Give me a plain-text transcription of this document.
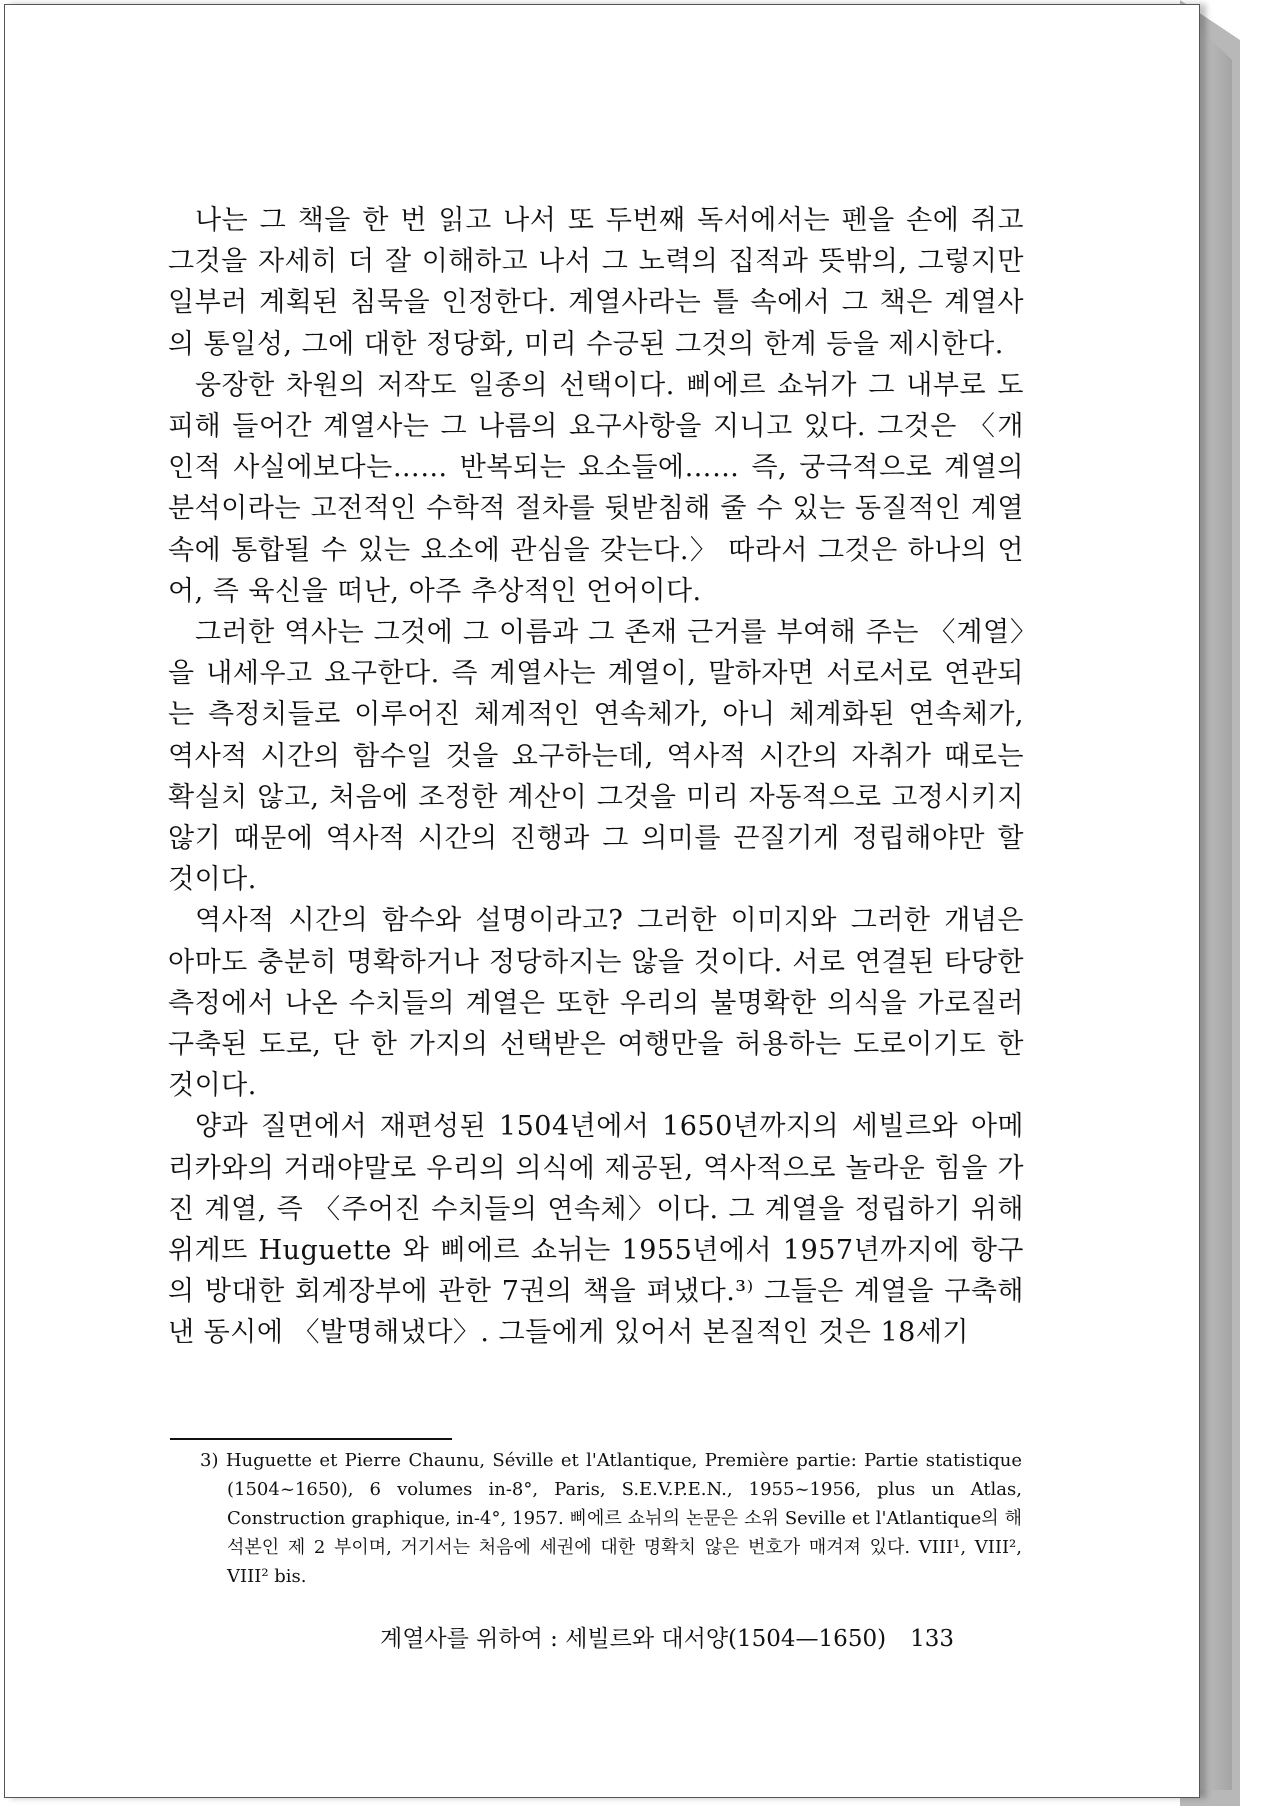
나는 그 책을 한 번 읽고 나서 또 두번째 독서에서는 펜을 손에 쥐고 그것을 자세히 더 잘 이해하고 나서 그 노력의 집적과 뜻밖의, 그렇지만 일부러 계획된 침묵을 인정한다. 계열사라는 틀 속에서 그 책은 계열사의 통일성, 그에 대한 정당화, 미리 수긍된 그것의 한계 등을 제시한다.

웅장한 차원의 저작도 일종의 선택이다. 삐에르 쇼뉘가 그 내부로 도피해 들어간 계열사는 그 나름의 요구사항을 지니고 있다. 그것은 〈개인적 사실에보다는…… 반복되는 요소들에…… 즉, 궁극적으로 계열의 분석이라는 고전적인 수학적 절차를 뒷받침해 줄 수 있는 동질적인 계열 속에 통합될 수 있는 요소에 관심을 갖는다.〉 따라서 그것은 하나의 언어, 즉 육신을 떠난, 아주 추상적인 언어이다.

그러한 역사는 그것에 그 이름과 그 존재 근거를 부여해 주는 〈계열〉을 내세우고 요구한다. 즉 계열사는 계열이, 말하자면 서로서로 연관되는 측정치들로 이루어진 체계적인 연속체가, 아니 체계화된 연속체가, 역사적 시간의 함수일 것을 요구하는데, 역사적 시간의 자취가 때로는 확실치 않고, 처음에 조정한 계산이 그것을 미리 자동적으로 고정시키지 않기 때문에 역사적 시간의 진행과 그 의미를 끈질기게 정립해야만 할 것이다.

역사적 시간의 함수와 설명이라고? 그러한 이미지와 그러한 개념은 아마도 충분히 명확하거나 정당하지는 않을 것이다. 서로 연결된 타당한 측정에서 나온 수치들의 계열은 또한 우리의 불명확한 의식을 가로질러 구축된 도로, 단 한 가지의 선택받은 여행만을 허용하는 도로이기도 한 것이다.

양과 질면에서 재편성된 1504년에서 1650년까지의 세빌르와 아메리카와의 거래야말로 우리의 의식에 제공된, 역사적으로 놀라운 힘을 가진 계열, 즉 〈주어진 수치들의 연속체〉이다. 그 계열을 정립하기 위해 위게뜨 Huguette 와 삐에르 쇼뉘는 1955년에서 1957년까지에 항구의 방대한 회계장부에 관한 7권의 책을 펴냈다.³⁾ 그들은 계열을 구축해낸 동시에 〈발명해냈다〉. 그들에게 있어서 본질적인 것은 18세기

3) Huguette et Pierre Chaunu, Séville et l'Atlantique, Première partie: Partie statistique (1504~1650), 6 volumes in-8°, Paris, S.E.V.P.E.N., 1955~1956, plus un Atlas, Construction graphique, in-4°, 1957. 삐에르 쇼뉘의 논문은 소위 Seville et l'Atlantique의 해석본인 제 2 부이며, 거기서는 처음에 세권에 대한 명확치 않은 번호가 매겨져 있다. VIII¹, VIII², VIII² bis.
계열사를 위하여 : 세빌르와 대서양(1504—1650) 133
